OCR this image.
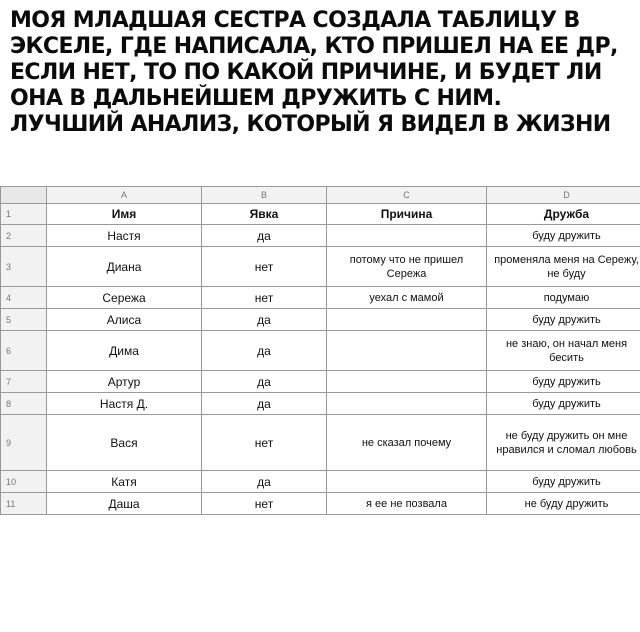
МОЯ МЛАДШАЯ СЕСТРА СОЗДАЛА ТАБЛИЦУ В
ЭКСЕЛЕ, ГДЕ НАПИСАЛА, КТО ПРИШЕЛ НА ЕЕ ДР,
ЕСЛИ НЕТ, ТО ПО КАКОЙ ПРИЧИНЕ, И БУДЕТ ЛИ
ОНА В ДАЛЬНЕЙШЕМ ДРУЖИТЬ С НИМ.
ЛУЧШИЙ АНАЛИЗ, КОТОРЫЙ Я ВИДЕЛ В ЖИЗНИ
	A	B	C	D
1	Имя	Явка	Причина	Дружба
2	Настя	да		буду дружить
3	Диана	нет	потому что не пришел Сережа	променяла меня на Сережу, не буду
4	Сережа	нет	уехал с мамой	подумаю
5	Алиса	да		буду дружить
6	Дима	да		не знаю, он начал меня бесить
7	Артур	да		буду дружить
8	Настя Д.	да		буду дружить
9	Вася	нет	не сказал почему	не буду дружить он мне нравился и сломал любовь
10	Катя	да		буду дружить
11	Даша	нет	я ее не позвала	не буду дружить
